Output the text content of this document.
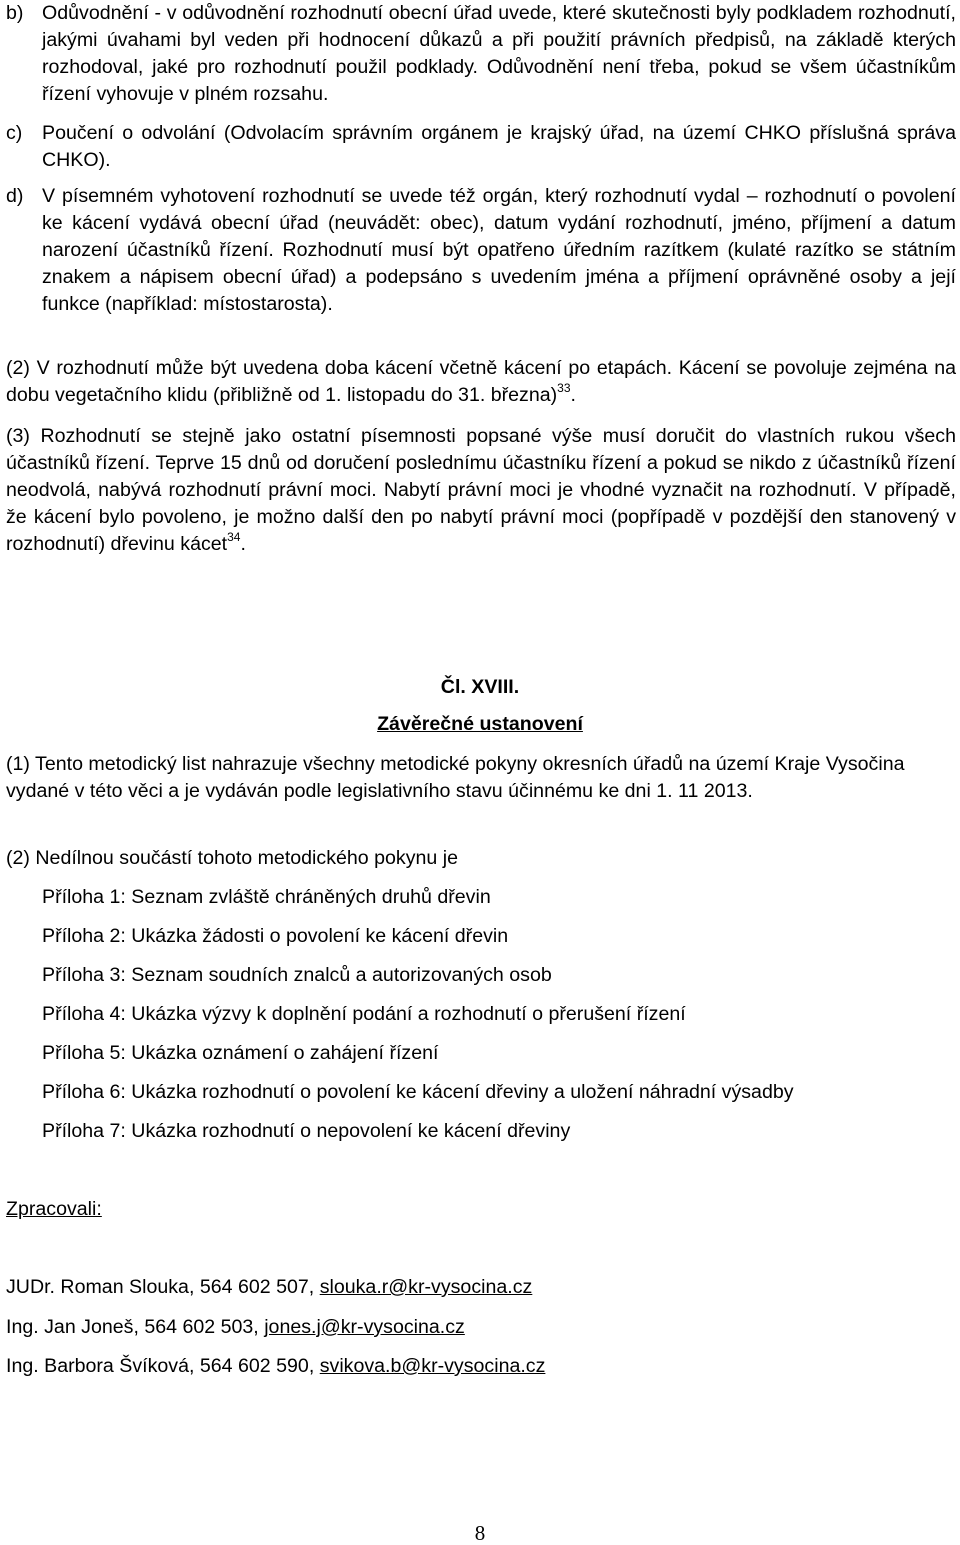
b) Odůvodnění - v odůvodnění rozhodnutí obecní úřad uvede, které skutečnosti byly podkladem rozhodnutí, jakými úvahami byl veden při hodnocení důkazů a při použití právních předpisů, na základě kterých rozhodoval, jaké pro rozhodnutí použil podklady. Odůvodnění není třeba, pokud se všem účastníkům řízení vyhovuje v plném rozsahu.
c) Poučení o odvolání (Odvolacím správním orgánem je krajský úřad, na území CHKO příslušná správa CHKO).
d) V písemném vyhotovení rozhodnutí se uvede též orgán, který rozhodnutí vydal – rozhodnutí o povolení ke kácení vydává obecní úřad (neuvádět: obec), datum vydání rozhodnutí, jméno, příjmení a datum narození účastníků řízení. Rozhodnutí musí být opatřeno úředním razítkem (kulaté razítko se státním znakem a nápisem obecní úřad) a podepsáno s uvedením jména a příjmení oprávněné osoby a její funkce (například: místostarosta).
(2) V rozhodnutí může být uvedena doba kácení včetně kácení po etapách. Kácení se povoluje zejména na dobu vegetačního klidu (přibližně od 1. listopadu do 31. března)$^{33}$.
(3) Rozhodnutí se stejně jako ostatní písemnosti popsané výše musí doručit do vlastních rukou všech účastníků řízení. Teprve 15 dnů od doručení poslednímu účastníku řízení a pokud se nikdo z účastníků řízení neodvolá, nabývá rozhodnutí právní moci. Nabytí právní moci je vhodné vyznačit na rozhodnutí. V případě, že kácení bylo povoleno, je možno další den po nabytí právní moci (popřípadě v pozdější den stanovený v rozhodnutí) dřevinu kácet$^{34}$.
Čl. XVIII.
Závěrečné ustanovení
(1) Tento metodický list nahrazuje všechny metodické pokyny okresních úřadů na území Kraje Vysočina vydané v této věci a je vydáván podle legislativního stavu účinnému ke dni 1. 11 2013.
(2) Nedílnou součástí tohoto metodického pokynu je
Příloha 1: Seznam zvláště chráněných druhů dřevin
Příloha 2: Ukázka žádosti o povolení ke kácení dřevin
Příloha 3: Seznam soudních znalců a autorizovaných osob
Příloha 4: Ukázka výzvy k doplnění podání a rozhodnutí o přerušení řízení
Příloha 5: Ukázka oznámení o zahájení řízení
Příloha 6: Ukázka rozhodnutí o povolení ke kácení dřeviny a uložení náhradní výsadby
Příloha 7: Ukázka rozhodnutí o nepovolení ke kácení dřeviny
Zpracovali:
JUDr. Roman Slouka, 564 602 507, slouka.r@kr-vysocina.cz
Ing. Jan Joneš, 564 602 503, jones.j@kr-vysocina.cz
Ing. Barbora Švíková, 564 602 590, svikova.b@kr-vysocina.cz
8
